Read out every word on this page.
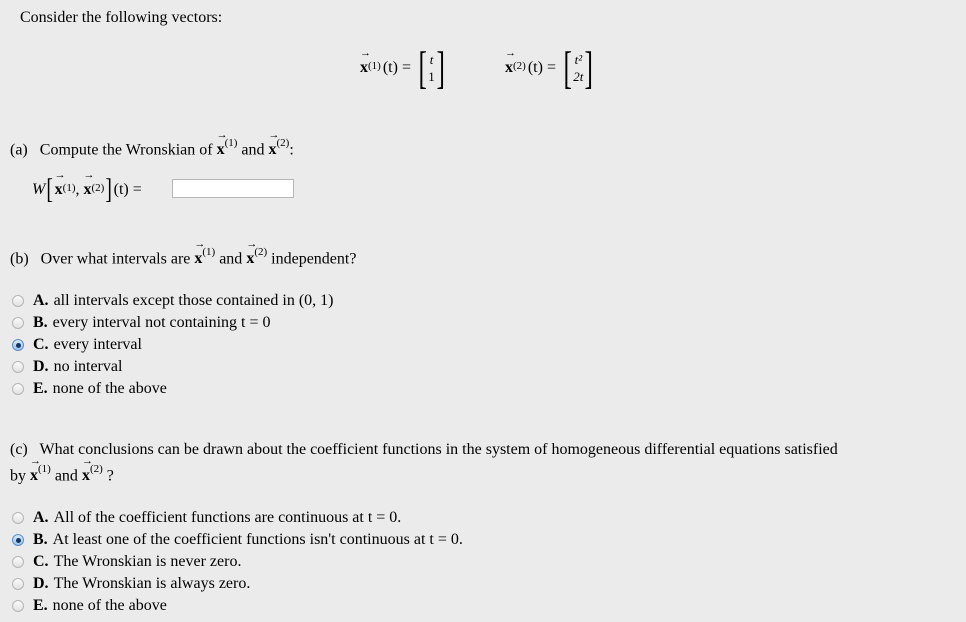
Consider the following vectors:
→
$x^{(1)}$ (t) = [ t
1 ]	→
$x^{(2)}$ (t) = [ t²
2t ]
(a) Compute the Wronskian of
→
$x^{(1)}$ and
→
$x^{(2)}$:
W [ →
$x^{(1)}$ ,

→
$x^{(2)}$ ] (t) =
(b) Over what intervals are
→
$x^{(1)}$ and
→
$x^{(2)}$ independent?
A. all intervals except those contained in (0, 1)
B. every interval not containing t = 0
C. every interval
D. no interval
E. none of the above
(c) What conclusions can be drawn about the coefficient functions in the system of homogeneous differential equations satisfied
by
→
$x^{(1)}$ and
→
$x^{(2)}$ ?
A. All of the coefficient functions are continuous at t = 0.
B. At least one of the coefficient functions isn't continuous at t = 0.
C. The Wronskian is never zero.
D. The Wronskian is always zero.
E. none of the above
